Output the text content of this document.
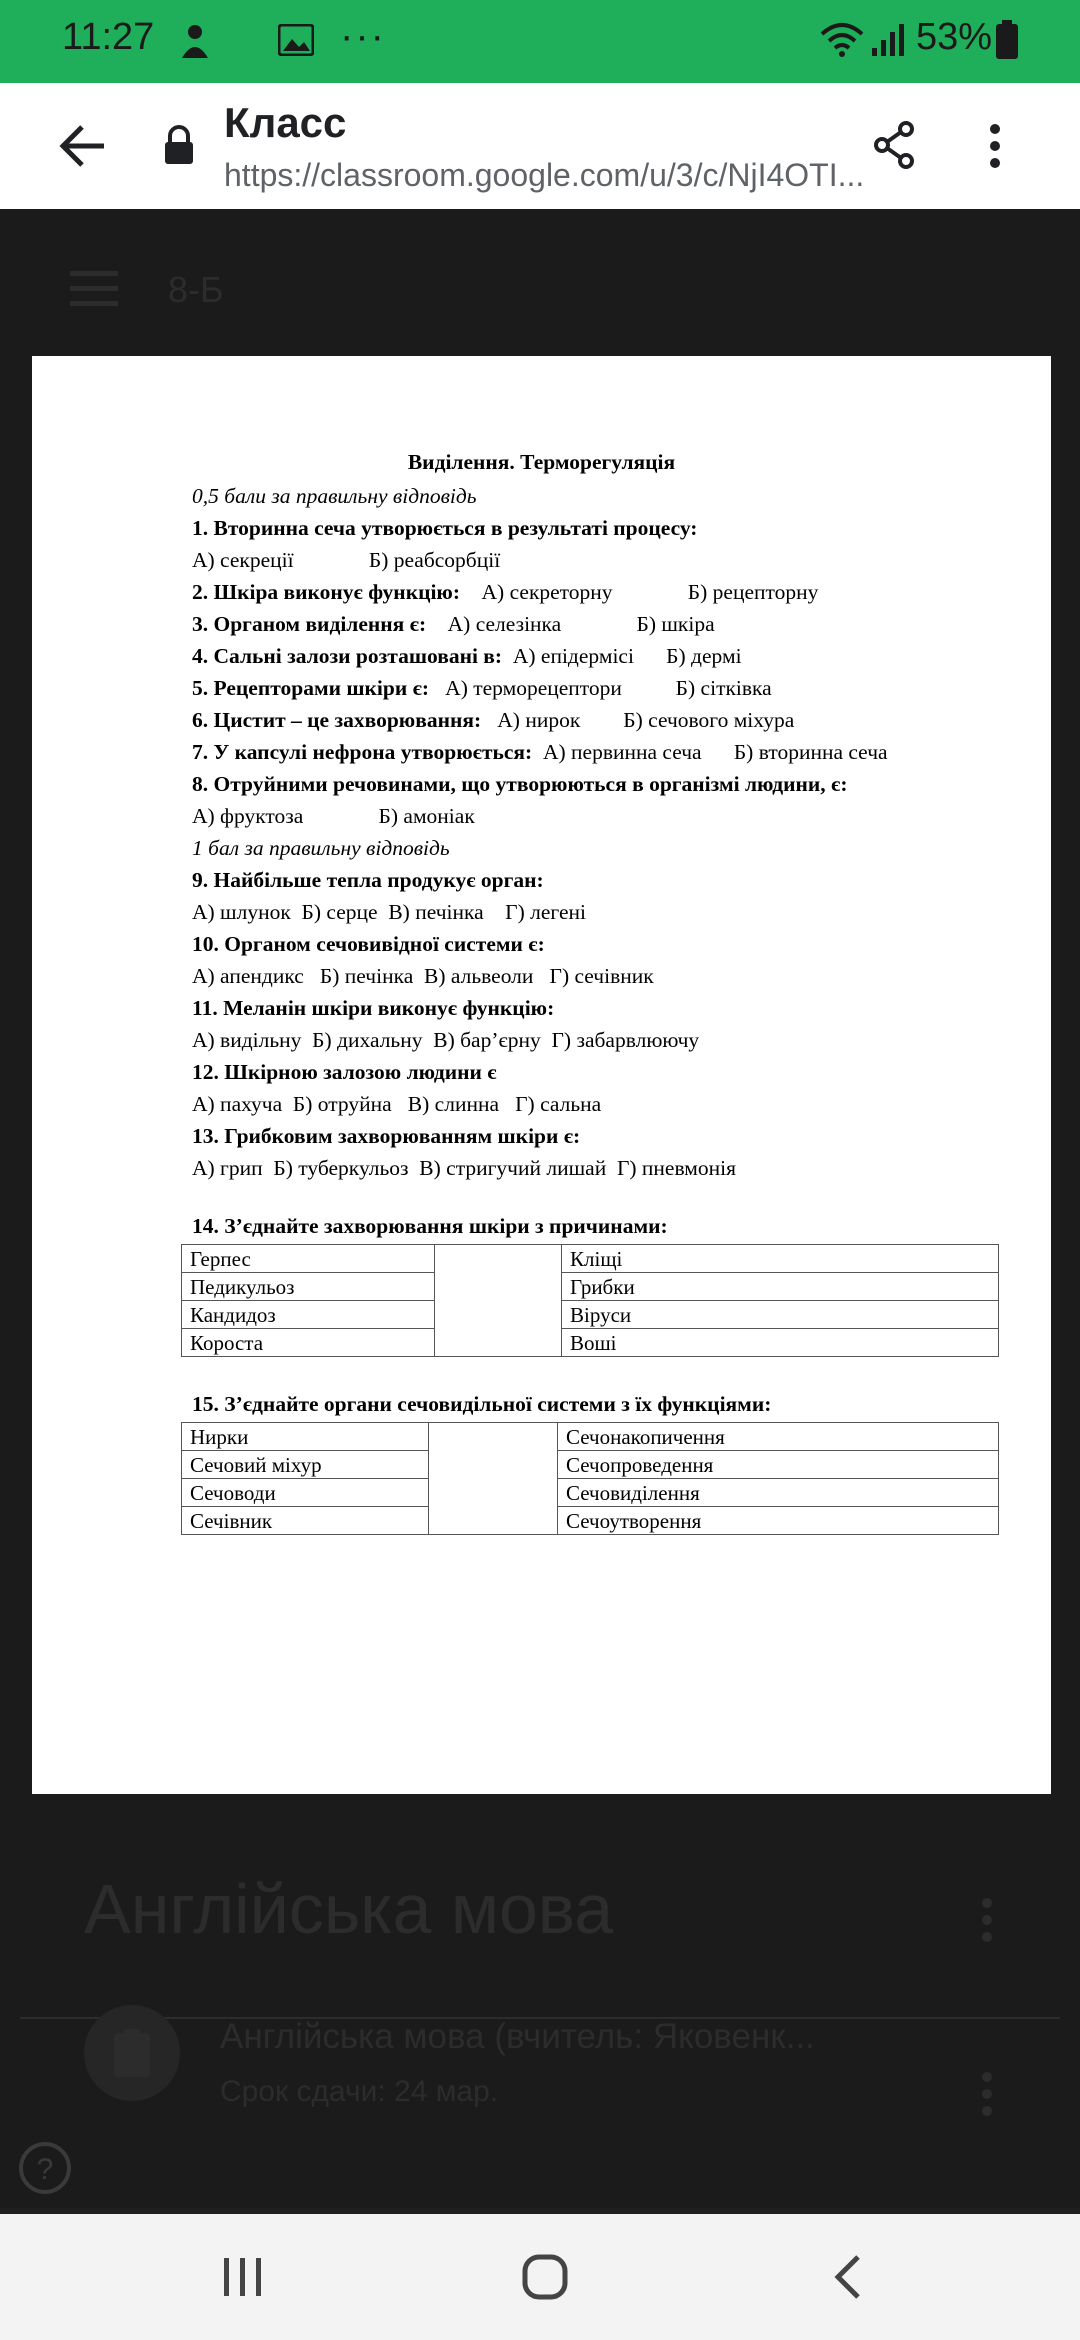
11:27	···	53%
Класс
https://classroom.google.com/u/3/c/NjI4OTI...
8-Б
Англійська мова
Англійська мова (вчитель: Яковенк...
Срок сдачи: 24 мар.
?
Виділення. Терморегуляція
0,5 бали за правильну відповідь
1. Вторинна сеча утворюється в результаті процесу:
А) секреції              Б) реабсорбції
2. Шкіра виконує функцію: А) секреторну              Б) рецепторну
3. Органом виділення є: А) селезінка              Б) шкіра
4. Сальні залози розташовані в: А) епідермісі      Б) дермі
5. Рецепторами шкіри є: А) терморецептори          Б) сітківка
6. Цистит – це захворювання: А) нирок        Б) сечового міхура
7. У капсулі нефрона утворюється: А) первинна сеча      Б) вторинна сеча
8. Отруйними речовинами, що утворюються в організмі людини, є:
А) фруктоза              Б) амоніак
1 бал за правильну відповідь
9. Найбільше тепла продукує орган:
А) шлунок  Б) серце  В) печінка    Г) легені
10. Органом сечовивідної системи є:
А) апендикс   Б) печінка  В) альвеоли   Г) сечівник
11. Меланін шкіри виконує функцію:
А) видільну  Б) дихальну  В) бар’єрну  Г) забарвлюючу
12. Шкірною залозою людини є
А) пахуча  Б) отруйна   В) слинна   Г) сальна
13. Грибковим захворюванням шкіри є:
А) грип  Б) туберкульоз  В) стригучий лишай  Г) пневмонія
14. З’єднайте захворювання шкіри з причинами:
Герпес		Кліщі
Педикульоз		Грибки
Кандидоз		Віруси
Короста		Воші
15. З’єднайте органи сечовидільної системи з їх функціями:
Нирки		Сечонакопичення
Сечовий міхур		Сечопроведення
Сечоводи		Сечовиділення
Сечівник		Сечоутворення
